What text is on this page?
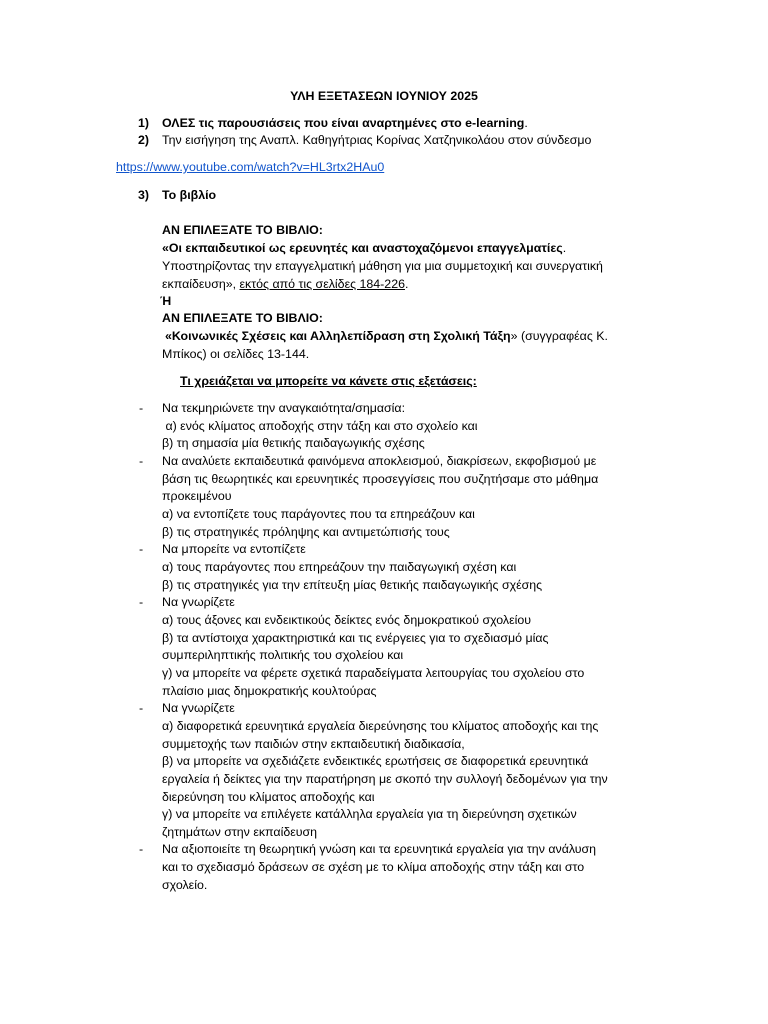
ΥΛΗ ΕΞΕΤΑΣΕΩΝ ΙΟΥΝΙΟΥ 2025
1) ΟΛΕΣ τις παρουσιάσεις που είναι αναρτημένες στο e-learning.
2) Την εισήγηση της Αναπλ. Καθηγήτριας Κορίνας Χατζηνικολάου στον σύνδεσμο
https://www.youtube.com/watch?v=HL3rtx2HAu0
3) Το βιβλίο
ΑΝ ΕΠΙΛΕΞΑΤΕ ΤΟ ΒΙΒΛΙΟ:
«Οι εκπαιδευτικοί ως ερευνητές και αναστοχαζόμενοι επαγγελματίες.
Υποστηρίζοντας την επαγγελματική μάθηση για μια συμμετοχική και συνεργατική
εκπαίδευση», εκτός από τις σελίδες 184-226.
Ή
ΑΝ ΕΠΙΛΕΞΑΤΕ ΤΟ ΒΙΒΛΙΟ:
«Κοινωνικές Σχέσεις και Αλληλεπίδραση στη Σχολική Τάξη» (συγγραφέας Κ.
Μπίκος) οι σελίδες 13-144.
Τι χρειάζεται να μπορείτε να κάνετε στις εξετάσεις:
- Να τεκμηριώνετε την αναγκαιότητα/σημασία:
α) ενός κλίματος αποδοχής στην τάξη και στο σχολείο και
β) τη σημασία μία θετικής παιδαγωγικής σχέσης
- Να αναλύετε εκπαιδευτικά φαινόμενα αποκλεισμού, διακρίσεων, εκφοβισμού με
βάση τις θεωρητικές και ερευνητικές προσεγγίσεις που συζητήσαμε στο μάθημα
προκειμένου
α) να εντοπίζετε τους παράγοντες που τα επηρεάζουν και
β) τις στρατηγικές πρόληψης και αντιμετώπισής τους
- Να μπορείτε να εντοπίζετε
α) τους παράγοντες που επηρεάζουν την παιδαγωγική σχέση και
β) τις στρατηγικές για την επίτευξη μίας θετικής παιδαγωγικής σχέσης
- Να γνωρίζετε
α) τους άξονες και ενδεικτικούς δείκτες ενός δημοκρατικού σχολείου
β) τα αντίστοιχα χαρακτηριστικά και τις ενέργειες για το σχεδιασμό μίας
συμπεριληπτικής πολιτικής του σχολείου και
γ) να μπορείτε να φέρετε σχετικά παραδείγματα λειτουργίας του σχολείου στο
πλαίσιο μιας δημοκρατικής κουλτούρας
- Να γνωρίζετε
α) διαφορετικά ερευνητικά εργαλεία διερεύνησης του κλίματος αποδοχής και της
συμμετοχής των παιδιών στην εκπαιδευτική διαδικασία,
β) να μπορείτε να σχεδιάζετε ενδεικτικές ερωτήσεις σε διαφορετικά ερευνητικά
εργαλεία ή δείκτες για την παρατήρηση με σκοπό την συλλογή δεδομένων για την
διερεύνηση του κλίματος αποδοχής και
γ) να μπορείτε να επιλέγετε κατάλληλα εργαλεία για τη διερεύνηση σχετικών
ζητημάτων στην εκπαίδευση
- Να αξιοποιείτε τη θεωρητική γνώση και τα ερευνητικά εργαλεία για την ανάλυση
και το σχεδιασμό δράσεων σε σχέση με το κλίμα αποδοχής στην τάξη και στο
σχολείο.
